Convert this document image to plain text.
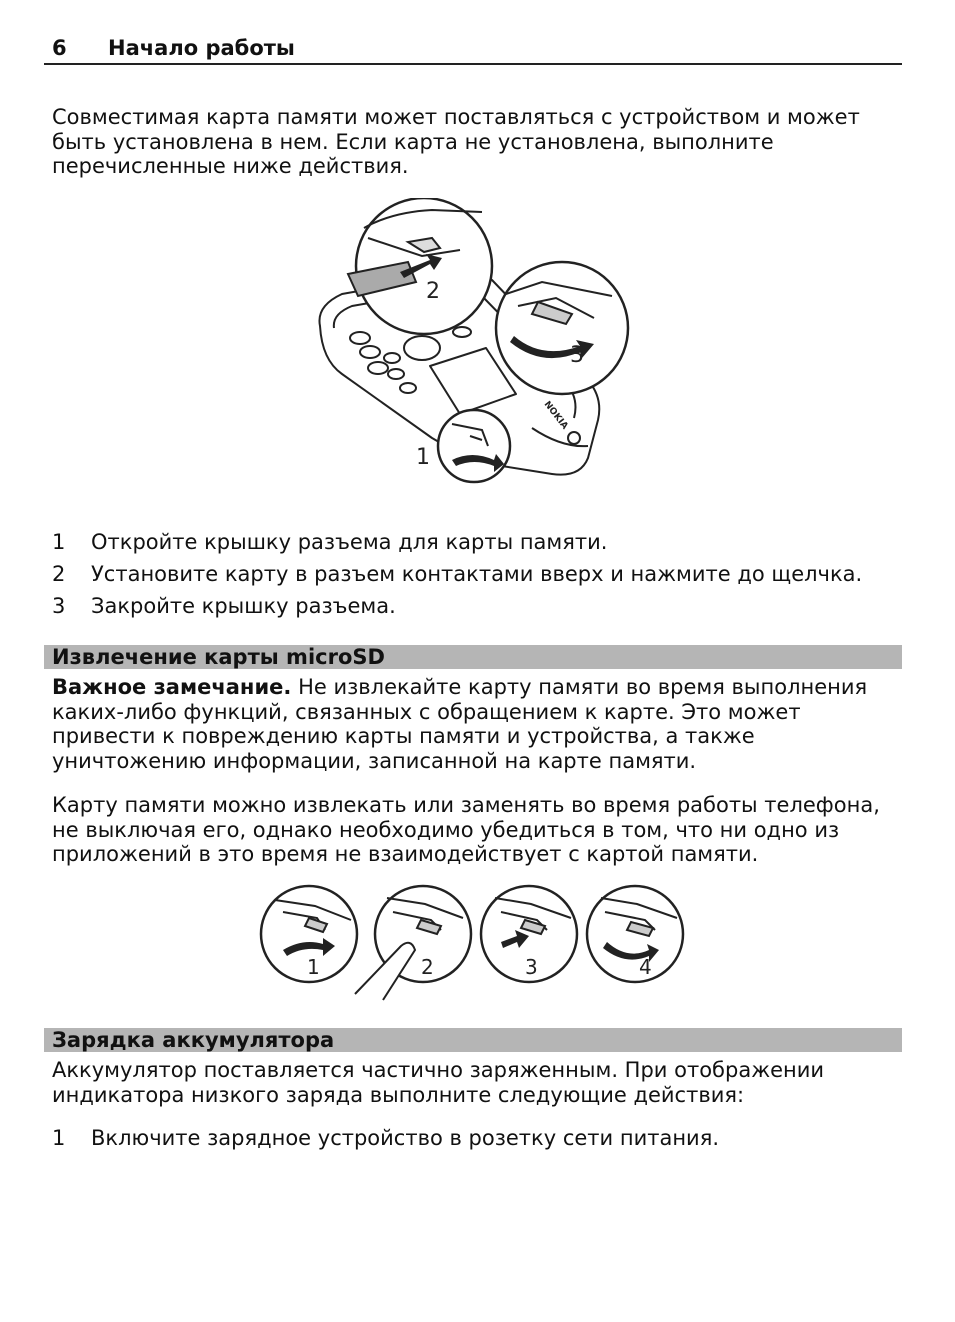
6 Начало работы
Совместимая карта памяти может поставляться с устройством и может быть установлена в нем. Если карта не установлена, выполните перечисленные ниже действия.
NOKIA
2
3
1
1	Откройте крышку разъема для карты памяти.
2	Установите карту в разъем контактами вверх и нажмите до щелчка.
3	Закройте крышку разъема.
Извлечение карты microSD
Важное замечание. Не извлекайте карту памяти во время выполнения каких-либо функций, связанных с обращением к карте. Это может привести к повреждению карты памяти и устройства, а также уничтожению информации, записанной на карте памяти.
Карту памяти можно извлекать или заменять во время работы телефона, не выключая его, однако необходимо убедиться в том, что ни одно из приложений в это время не взаимодействует с картой памяти.
1	2	3	4
Зарядка аккумулятора
Аккумулятор поставляется частично заряженным. При отображении индикатора низкого заряда выполните следующие действия:
1	Включите зарядное устройство в розетку сети питания.
